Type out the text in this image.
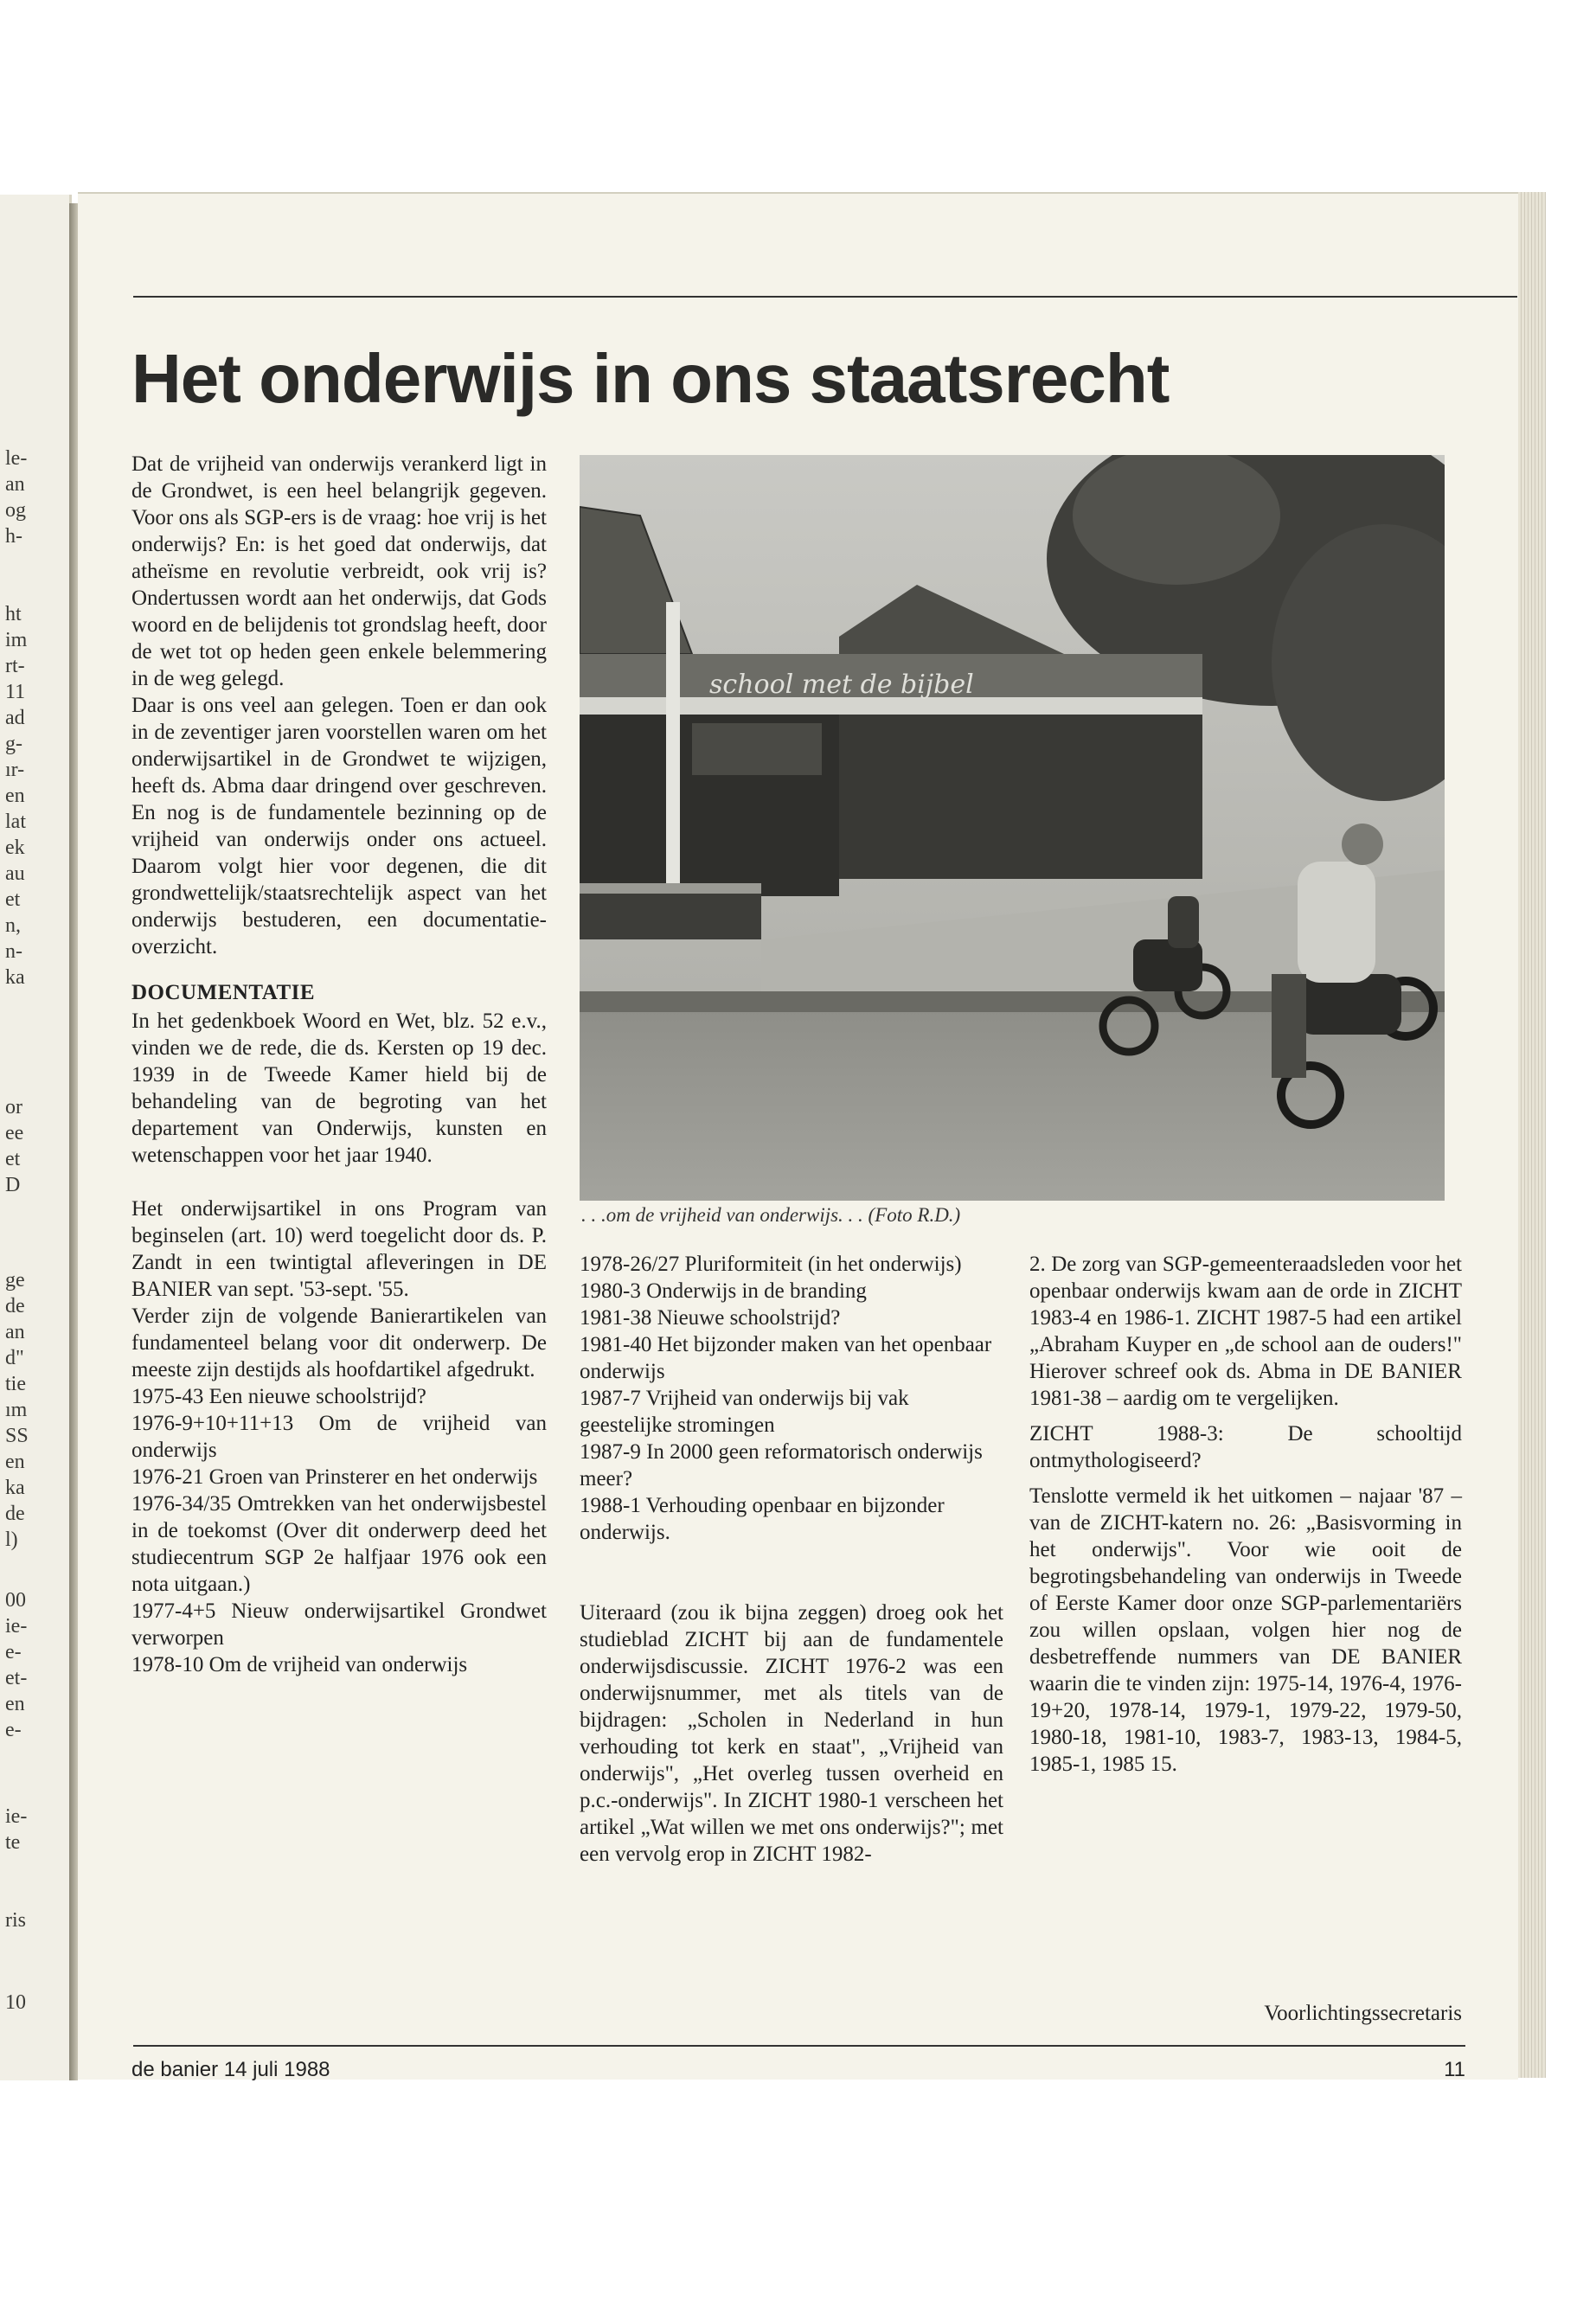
le-
an
og
h-
ht
im
rt-
11
ad
g-
ır-
en
lat
ek
au
et
n,
n-
ka
or
ee
et
D
ge
de
an
d"
tie
ım
SS
en
ka
de
l)
00
ie-
e-
et-
en
e-
ie-
te
ris
10
Het onderwijs in ons staatsrecht

Dat de vrijheid van onderwijs verankerd ligt in de Grondwet, is een heel belangrijk gegeven. Voor ons als SGP-ers is de vraag: hoe vrij is het onderwijs? En: is het goed dat onderwijs, dat atheïsme en revolutie verbreidt, ook vrij is? Ondertussen wordt aan het onderwijs, dat Gods woord en de belijdenis tot grondslag heeft, door de wet tot op heden geen enkele belemmering in de weg gelegd.

Daar is ons veel aan gelegen. Toen er dan ook in de zeventiger jaren voorstellen waren om het onderwijsartikel in de Grondwet te wijzigen, heeft ds. Abma daar dringend over geschreven. En nog is de fundamentele bezinning op de vrijheid van onderwijs onder ons actueel. Daarom volgt hier voor degenen, die dit grondwettelijk/staatsrechtelijk aspect van het onderwijs bestuderen, een documentatie-overzicht.

DOCUMENTATIE

In het gedenkboek Woord en Wet, blz. 52 e.v., vinden we de rede, die ds. Kersten op 19 dec. 1939 in de Tweede Kamer hield bij de behandeling van de begroting van het departement van Onderwijs, kunsten en wetenschappen voor het jaar 1940.

Het onderwijsartikel in ons Program van beginselen (art. 10) werd toegelicht door ds. P. Zandt in een twintigtal afleveringen in DE BANIER van sept. '53-sept. '55.

Verder zijn de volgende Banierartikelen van fundamenteel belang voor dit onderwerp. De meeste zijn destijds als hoofdartikel afgedrukt.

1975-43 Een nieuwe schoolstrijd?

1976-9+10+11+13 Om de vrijheid van onderwijs

1976-21 Groen van Prinsterer en het onderwijs

1976-34/35 Omtrekken van het onderwijsbestel in de toekomst (Over dit onderwerp deed het studiecentrum SGP 2e halfjaar 1976 ook een nota uitgaan.)

1977-4+5 Nieuw onderwijsartikel Grondwet verworpen

1978-10 Om de vrijheid van onderwijs

school met de bijbel
. . .om de vrijheid van onderwijs. . . (Foto R.D.)

1978-26/27 Pluriformiteit (in het onderwijs)

1980-3 Onderwijs in de branding

1981-38 Nieuwe schoolstrijd?

1981-40 Het bijzonder maken van het openbaar onderwijs

1987-7 Vrijheid van onderwijs bij vak geestelijke stromingen

1987-9 In 2000 geen reformatorisch onderwijs meer?

1988-1 Verhouding openbaar en bijzonder onderwijs.

Uiteraard (zou ik bijna zeggen) droeg ook het studieblad ZICHT bij aan de fundamentele onderwijsdiscussie. ZICHT 1976-2 was een onderwijsnummer, met als titels van de bijdragen: „Scholen in Nederland in hun verhouding tot kerk en staat", „Vrijheid van onderwijs", „Het overleg tussen overheid en p.c.-onderwijs". In ZICHT 1980-1 verscheen het artikel „Wat willen we met ons onderwijs?"; met een vervolg erop in ZICHT 1982-

2. De zorg van SGP-gemeenteraadsleden voor het openbaar onderwijs kwam aan de orde in ZICHT 1983-4 en 1986-1. ZICHT 1987-5 had een artikel „Abraham Kuyper en „de school aan de ouders!" Hierover schreef ook ds. Abma in DE BANIER 1981-38 – aardig om te vergelijken.

ZICHT 1988-3: De schooltijd ontmythologiseerd?

Tenslotte vermeld ik het uitkomen – najaar '87 – van de ZICHT-katern no. 26: „Basisvorming in het onderwijs". Voor wie ooit de begrotingsbehandeling van onderwijs in Tweede of Eerste Kamer door onze SGP-parlementariërs zou willen opslaan, volgen hier nog de desbetreffende nummers van DE BANIER waarin die te vinden zijn: 1975-14, 1976-4, 1976-19+20, 1978-14, 1979-1, 1979-22, 1979-50, 1980-18, 1981-10, 1983-7, 1983-13, 1984-5, 1985-1, 1985 15.

Voorlichtingssecretaris
de banier 14 juli 1988	11
